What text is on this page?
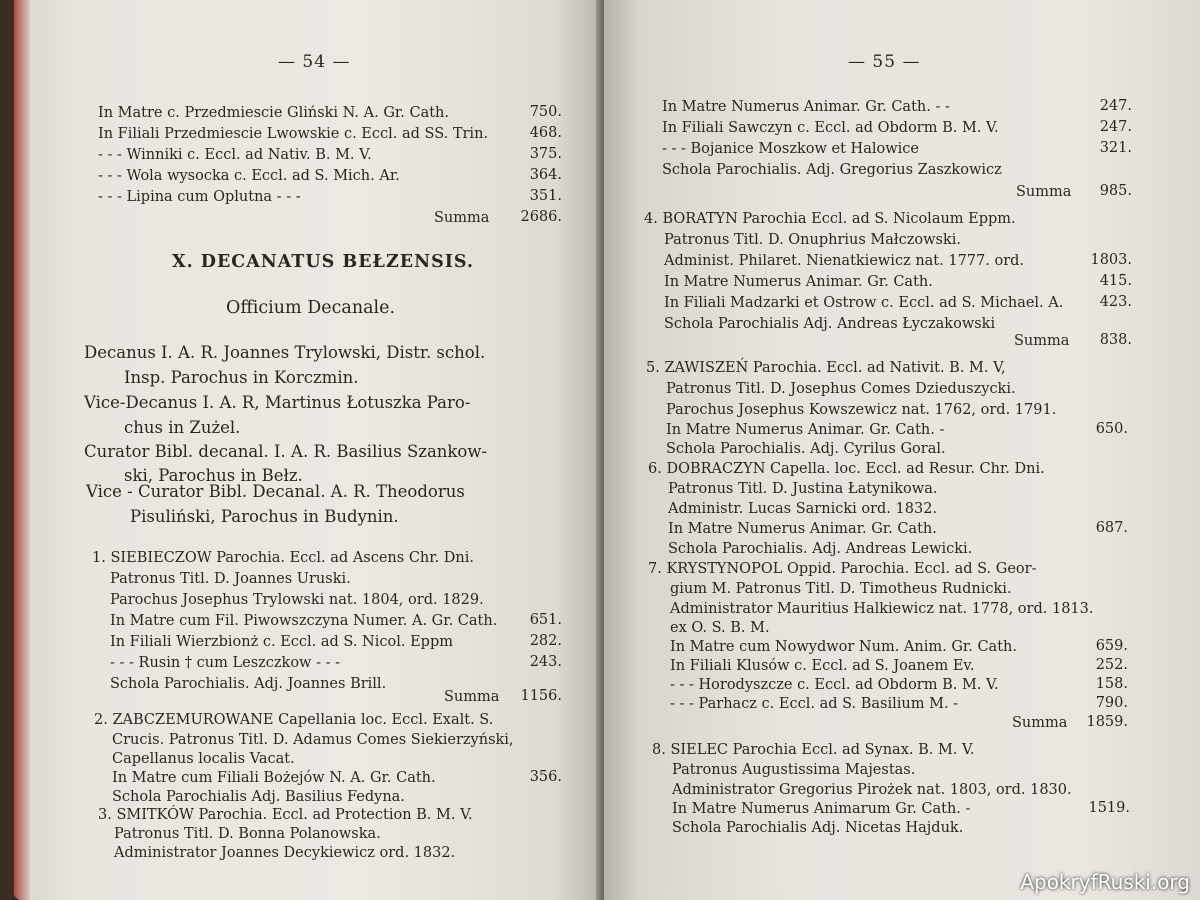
— 54 —
In Matre c. Przedmiescie Gliński N. A. Gr. Cath.	750.
In Filiali Przedmiescie Lwowskie c. Eccl. ad SS. Trin.	468.
- - - Winniki c. Eccl. ad Nativ. B. M. V.	375.
- - - Wola wysocka c. Eccl. ad S. Mich. Ar.	364.
- - - Lipina cum Oplutna - - -	351.
Summa 2686.
X. DECANATUS BEŁZENSIS.
Officium Decanale.
Decanus I. A. R. Joannes Trylowski, Distr. schol.
Insp. Parochus in Korczmin.
Vice-Decanus I. A. R, Martinus Łotuszka Paro-
chus in Zużel.
Curator Bibl. decanal. I. A. R. Basilius Szankow-
ski, Parochus in Bełz.
Vice - Curator Bibl. Decanal. A. R. Theodorus
Pisuliński, Parochus in Budynin.
1. SIEBIECZOW Parochia. Eccl. ad Ascens Chr. Dni.
Patronus Titl. D. Joannes Uruski.
Parochus Josephus Trylowski nat. 1804, ord. 1829.
In Matre cum Fil. Piwowszczyna Numer. A. Gr. Cath. 651.
In Filiali Wierzbionż c. Eccl. ad S. Nicol. Eppm	282.
- - - Rusin † cum Leszczkow - - -	243.
Schola Parochialis. Adj. Joannes Brill.
Summa 1156.
2. ZABCZEMUROWANE Capellania loc. Eccl. Exalt. S.
Crucis. Patronus Titl. D. Adamus Comes Siekierzyński,
Capellanus localis Vacat.
In Matre cum Filiali Bożejów N. A. Gr. Cath.	356.
Schola Parochialis Adj. Basilius Fedyna.
3. SMITKÓW Parochia. Eccl. ad Protection B. M. V.
Patronus Titl. D. Bonna Polanowska.
Administrator Joannes Decykiewicz ord. 1832.
— 55 —
In Matre Numerus Animar. Gr. Cath. - -	247.
In Filiali Sawczyn c. Eccl. ad Obdorm B. M. V.	247.
- - - Bojanice Moszkow et Halowice	321.
Schola Parochialis. Adj. Gregorius Zaszkowicz
Summa 985.
4. BORATYN Parochia Eccl. ad S. Nicolaum Eppm.
Patronus Titl. D. Onuphrius Małczowski.
Administ. Philaret. Nienatkiewicz nat. 1777. ord.	1803.
In Matre Numerus Animar. Gr. Cath.	415.
In Filiali Madzarki et Ostrow c. Eccl. ad S. Michael. A.	423.
Schola Parochialis Adj. Andreas Łyczakowski
Summa 838.
5. ZAWISZEŃ Parochia. Eccl. ad Nativit. B. M. V,
Patronus Titl. D. Josephus Comes Dzieduszycki.
Parochus Josephus Kowszewicz nat. 1762, ord. 1791.
In Matre Numerus Animar. Gr. Cath. -	650.
Schola Parochialis. Adj. Cyrilus Goral.
6. DOBRACZYN Capella. loc. Eccl. ad Resur. Chr. Dni.
Patronus Titl. D. Justina Łatynikowa.
Administr. Lucas Sarnicki ord. 1832.
In Matre Numerus Animar. Gr. Cath.	687.
Schola Parochialis. Adj. Andreas Lewicki.
7. KRYSTYNOPOL Oppid. Parochia. Eccl. ad S. Geor-
gium M. Patronus Titl. D. Timotheus Rudnicki.
Administrator Mauritius Halkiewicz nat. 1778, ord. 1813.
ex O. S. B. M.
In Matre cum Nowydwor Num. Anim. Gr. Cath.	659.
In Filiali Klusów c. Eccl. ad S. Joanem Ev.	252.
- - - Horodyszcze c. Eccl. ad Obdorm B. M. V.	158.
- - - Parhacz c. Eccl. ad S. Basilium M. -	790.
Summa 1859.
8. SIELEC Parochia Eccl. ad Synax. B. M. V.
Patronus Augustissima Majestas.
Administrator Gregorius Pirożek nat. 1803, ord. 1830.
In Matre Numerus Animarum Gr. Cath. -	1519.
Schola Parochialis Adj. Nicetas Hajduk.
ApokryfRuski.org
